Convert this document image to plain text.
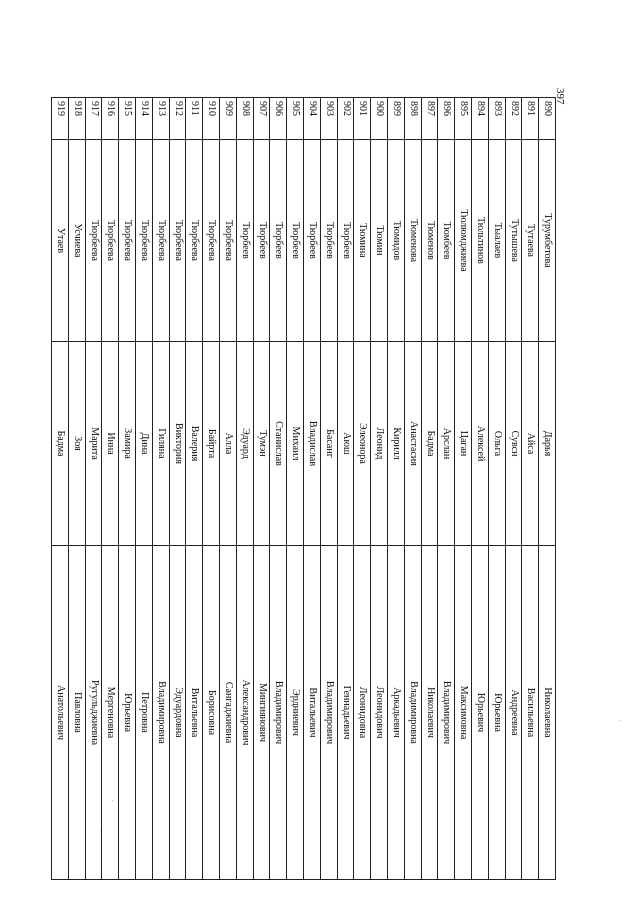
397
890	Турумбетова	Дарья	Николаевна
891	Тутаева	Айса	Васильевна
892	Тутышева	Сувсн	Андреевна
893	Тыалаев	Ольга	Юрьевна
894	Тюльтинов	Алексей	Юрьевич
895	Тюлюмджиева	Цаган	Максимовна
896	Тюмбеев	Арслан	Владимирович
897	Тюменов	Бадма	Николаевич
898	Тюменова	Анастасия	Владимировна
899	Тюмидов	Кирилл	Аркадьевич
900	Тюмин	Леонид	Леонидович
901	Тюмина	Элеонора	Леонидовна
902	Тюрбеев	Аюш	Геннадьевич
903	Тюрбеев	Басанг	Владимирович
904	Тюрбеев	Владислав	Витальевич
905	Тюрбеев	Михаил	Эрдниевич
906	Тюрбеев	Станислав	Владимирович
907	Тюрбеев	Тумэн	Мингиянович
908	Тюрбеев	Эдуард	Александрович
909	Тюрбеева	Алла	Сангаджиевна
910	Тюрбеева	Байрта	Борисовна
911	Тюрбеева	Валерия	Витальевна
912	Тюрбеева	Виктория	Эдуардовна
913	Тюрбеева	Гиляна	Владимировна
914	Тюрбеева	Дина	Петровна
915	Тюрбеева	Замира	Юрьевна
916	Тюрбеева	Инна	Мергеновна
917	Тюрбеева	Марита	Ругульджиевна
918	Усчиева	Зоя	Павловна
919	Утаев	Бадма	Анатольевич
